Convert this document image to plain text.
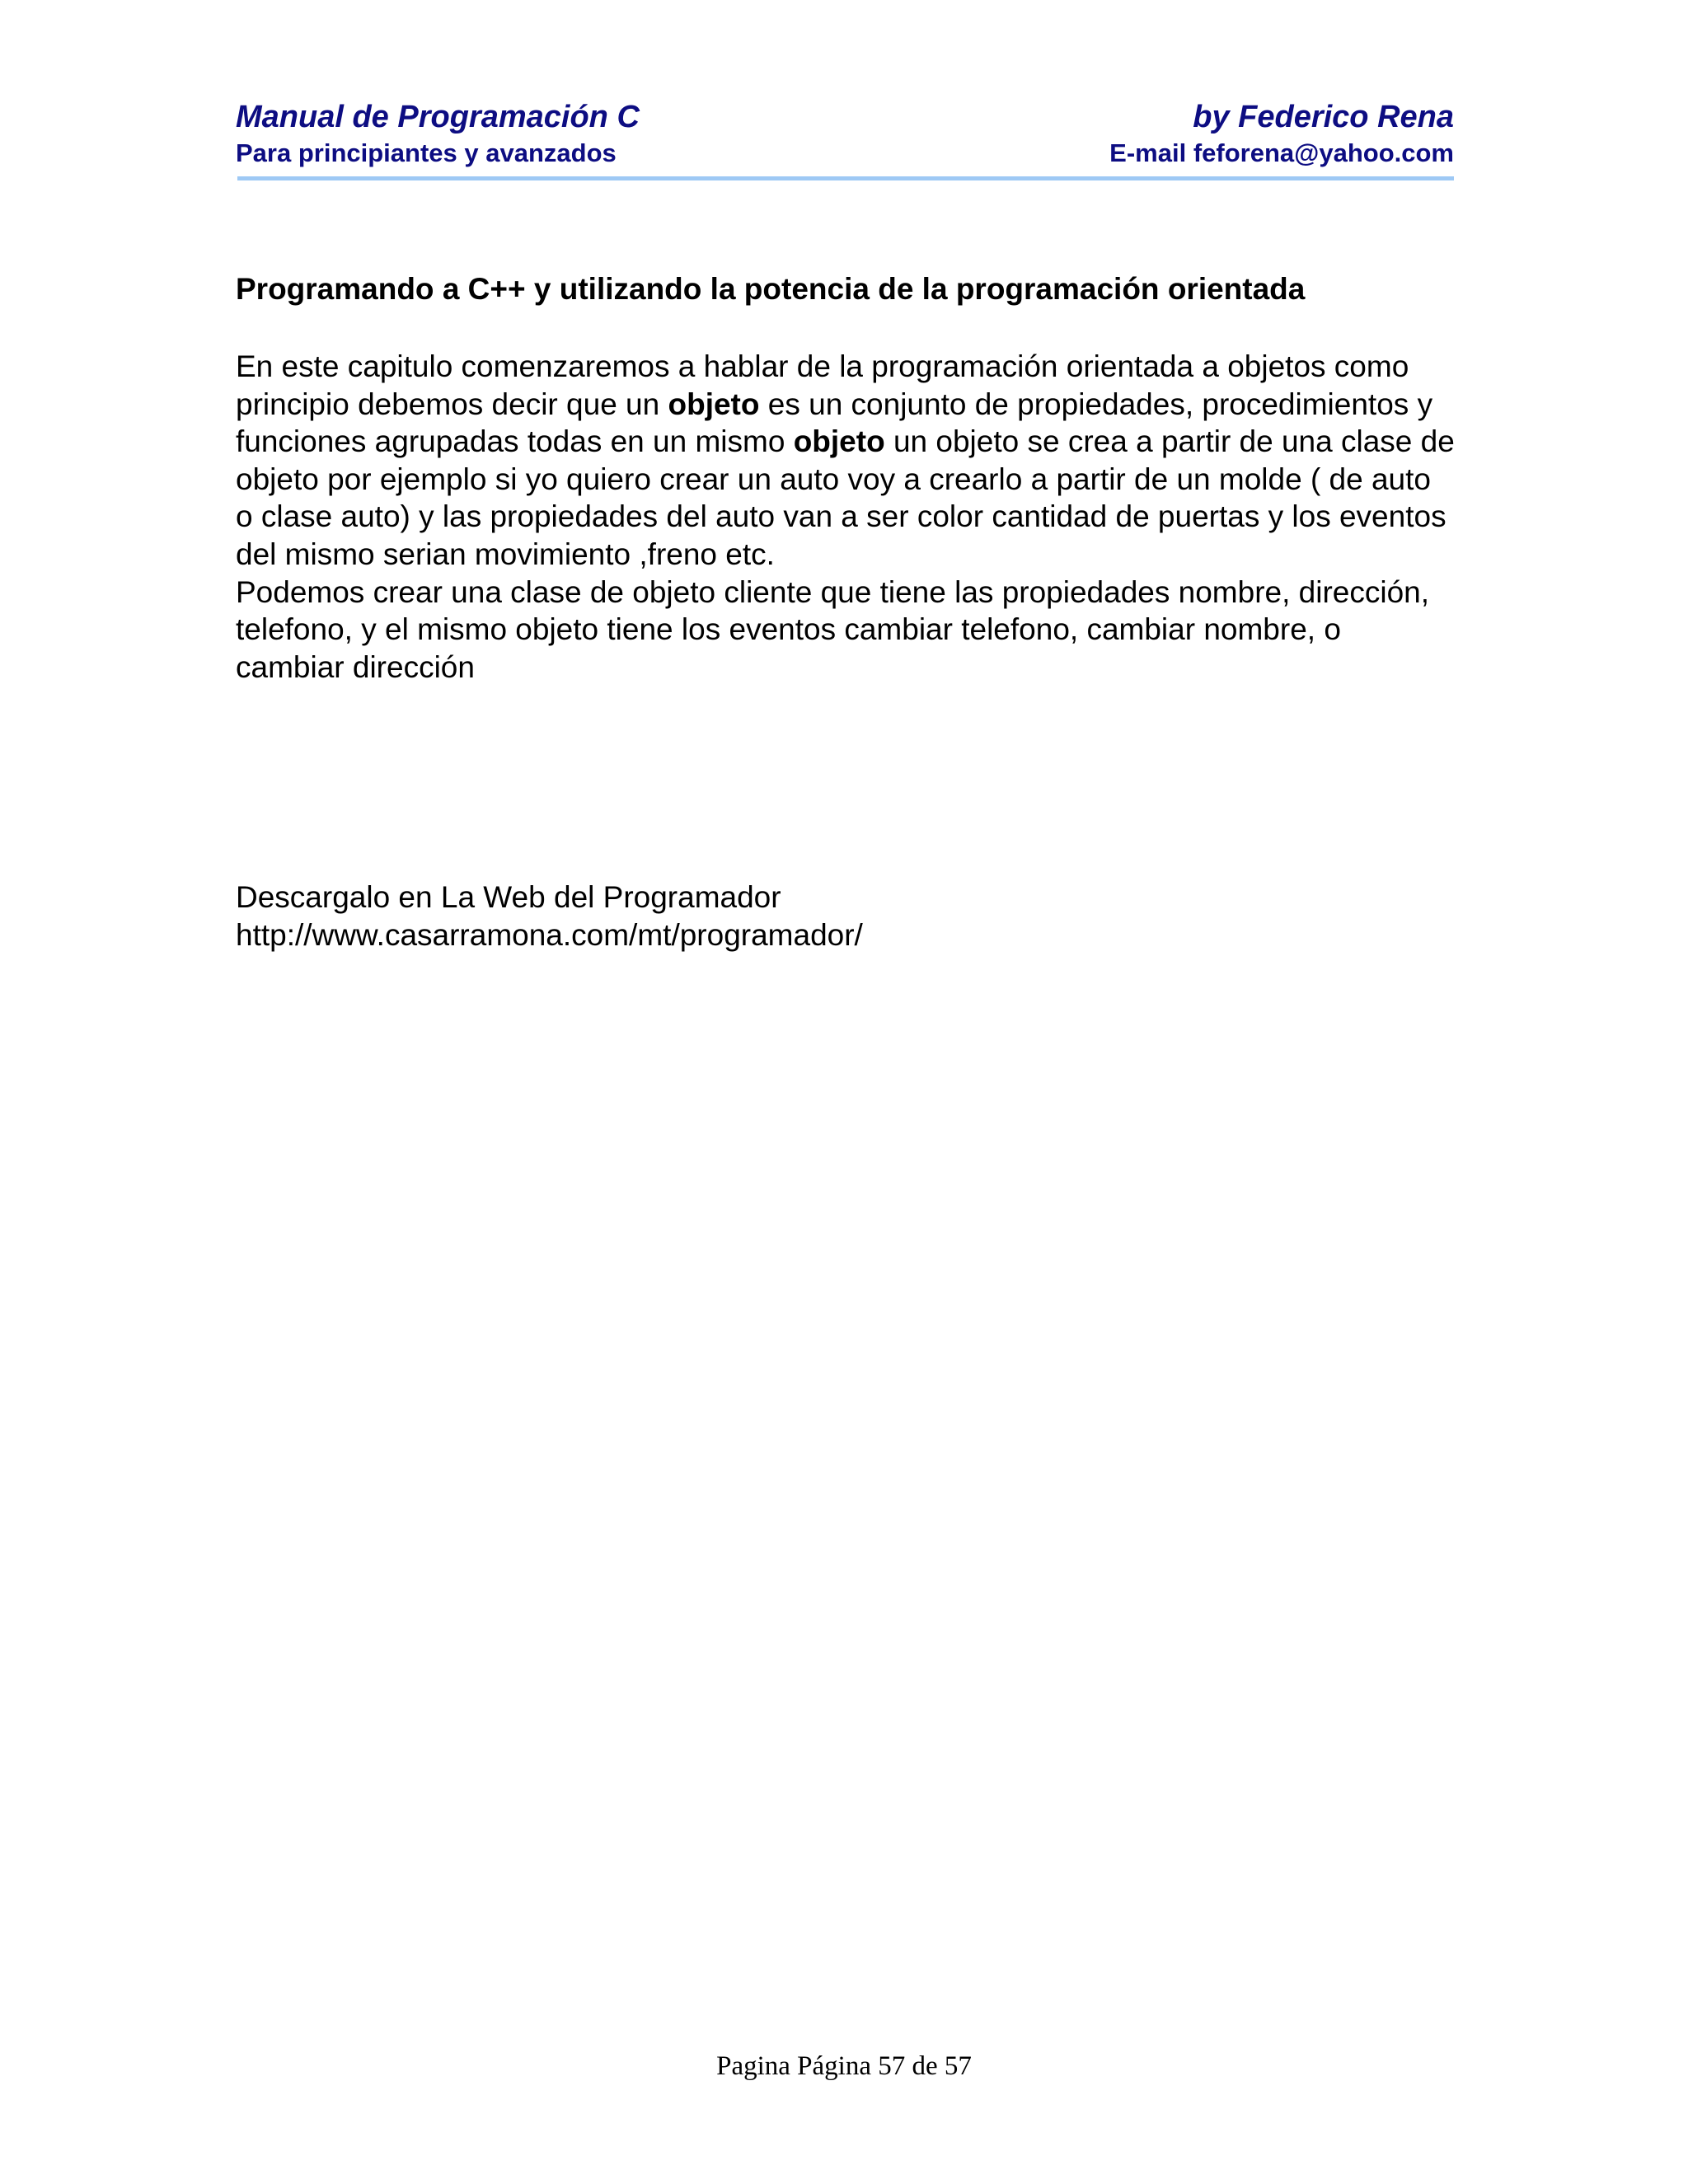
Manual de Programación C
Para principiantes y avanzados
by Federico Rena
E-mail feforena@yahoo.com
Programando a C++ y utilizando la potencia de la programación orientada

En este capitulo comenzaremos a hablar de la programación orientada a objetos como principio debemos decir que un objeto es un conjunto de propiedades, procedimientos y funciones agrupadas todas en un mismo objeto un objeto se crea a partir de una clase de objeto por ejemplo si yo quiero crear un auto voy a crearlo a partir de un molde ( de auto o clase auto) y las propiedades del auto van a ser color cantidad de puertas y los eventos del mismo serian movimiento ,freno etc.

Podemos crear una clase de objeto cliente que tiene las propiedades nombre, dirección, telefono, y el mismo objeto tiene los eventos cambiar telefono, cambiar nombre, o cambiar dirección

Descargalo en La Web del Programador
http://www.casarramona.com/mt/programador/
Pagina Página 57 de 57
